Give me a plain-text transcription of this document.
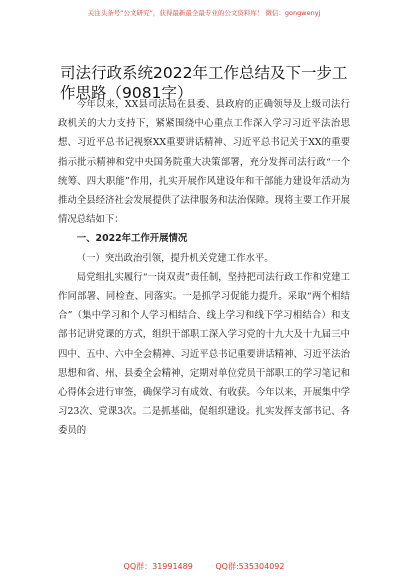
关注头条号“公文研究”，获得最新最全最专业的公文资料库！ 微信：gongwenyj
司法行政系统2022年工作总结及下一步工作思路（9081字）

今年以来，XX县司法局在县委、县政府的正确领导及上级司法行政机关的大力支持下，紧紧围绕中心重点工作深入学习习近平法治思想、习近平总书记视察XX重要讲话精神、习近平总书记关于XX的重要指示批示精神和党中央国务院重大决策部署，充分发挥司法行政“一个统筹、四大职能”作用，扎实开展作风建设年和干部能力建设年活动为推动全县经济社会发展提供了法律服务和法治保障。现将主要工作开展情况总结如下：

一、2022年工作开展情况

（一）突出政治引领，提升机关党建工作水平。

局党组扎实履行“一岗双责”责任制，坚持把司法行政工作和党建工作同部署、同检查、同落实。一是抓学习促能力提升。采取“两个相结合”（集中学习和个人学习相结合、线上学习和线下学习相结合）和支部书记讲党课的方式，组织干部职工深入学习党的十九大及十九届三中四中、五中、六中全会精神、习近平总书记重要讲话精神、习近平法治思想和省、州、县委全会精神，定期对单位党员干部职工的学习笔记和心得体会进行审签，确保学习有成效、有收获。今年以来，开展集中学习23次、党课3次。二是抓基础，促组织建设。扎实发挥支部书记、各委员的

QQ群：31991489	QQ群:535304092
